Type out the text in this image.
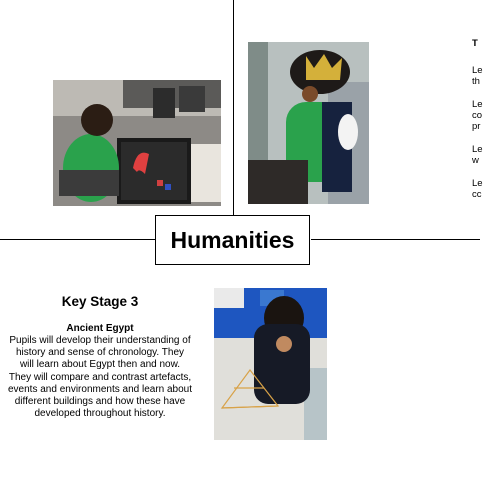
Humanities
T
Le
th
Le
co
pr
Le
w
Le
cc
Key Stage 3
Ancient Egypt
Pupils will develop their understanding of history and sense of chronology. They will learn about Egypt then and now. They will compare and contrast artefacts, events and environments and learn about different buildings and how these have developed throughout history.
